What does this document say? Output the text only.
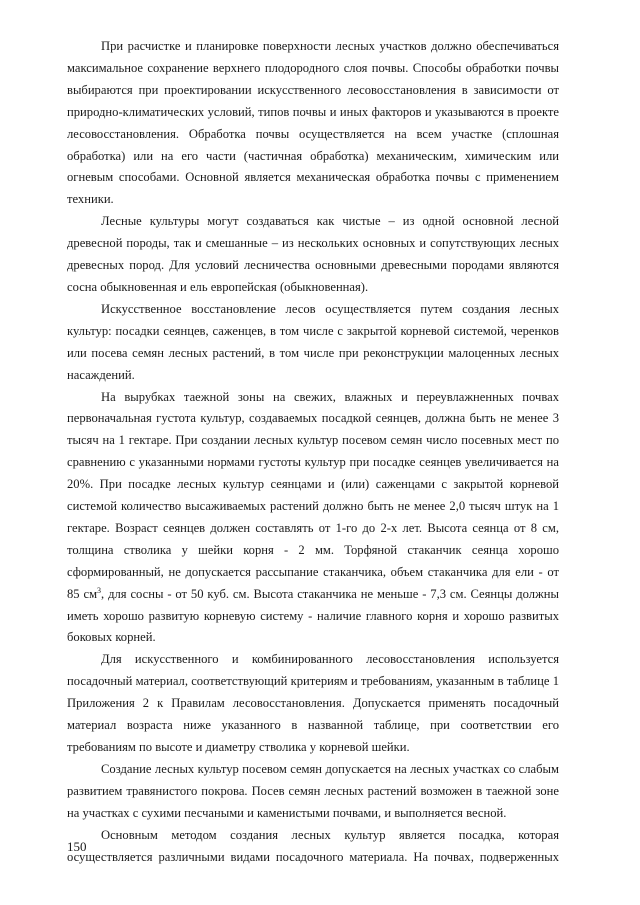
При расчистке и планировке поверхности лесных участков должно обеспечиваться максимальное сохранение верхнего плодородного слоя почвы. Способы обработки почвы выбираются при проектировании искусственного лесовосстановления в зависимости от природно-климатических условий, типов почвы и иных факторов и указываются в проекте лесовосстановления. Обработка почвы осуществляется на всем участке (сплошная обработка) или на его части (частичная обработка) механическим, химическим или огневым способами. Основной является механическая обработка почвы с применением техники.

Лесные культуры могут создаваться как чистые – из одной основной лесной древесной породы, так и смешанные – из нескольких основных и сопутствующих лесных древесных пород. Для условий лесничества основными древесными породами являются сосна обыкновенная и ель европейская (обыкновенная).

Искусственное восстановление лесов осуществляется путем создания лесных культур: посадки сеянцев, саженцев, в том числе с закрытой корневой системой, черенков или посева семян лесных растений, в том числе при реконструкции малоценных лесных насаждений.

На вырубках таежной зоны на свежих, влажных и переувлажненных почвах первоначальная густота культур, создаваемых посадкой сеянцев, должна быть не менее 3 тысяч на 1 гектаре. При создании лесных культур посевом семян число посевных мест по сравнению с указанными нормами густоты культур при посадке сеянцев увеличивается на 20%. При посадке лесных культур сеянцами и (или) саженцами с закрытой корневой системой количество высаживаемых растений должно быть не менее 2,0 тысяч штук на 1 гектаре. Возраст сеянцев должен составлять от 1-го до 2-х лет. Высота сеянца от 8 см, толщина стволика у шейки корня - 2 мм. Торфяной стаканчик сеянца хорошо сформированный, не допускается рассыпание стаканчика, объем стаканчика для ели - от 85 $см^3$, для сосны - от 50 куб. см. Высота стаканчика не меньше - 7,3 см. Сеянцы должны иметь хорошо развитую корневую систему - наличие главного корня и хорошо развитых боковых корней.

Для искусственного и комбинированного лесовосстановления используется посадочный материал, соответствующий критериям и требованиям, указанным в таблице 1 Приложения 2 к Правилам лесовосстановления. Допускается применять посадочный материал возраста ниже указанного в названной таблице, при соответствии его требованиям по высоте и диаметру стволика у корневой шейки.

Создание лесных культур посевом семян допускается на лесных участках со слабым развитием травянистого покрова. Посев семян лесных растений возможен в таежной зоне на участках с сухими песчаными и каменистыми почвами, и выполняется весной.

Основным методом создания лесных культур является посадка, которая осуществляется различными видами посадочного материала. На почвах, подверженных

150
